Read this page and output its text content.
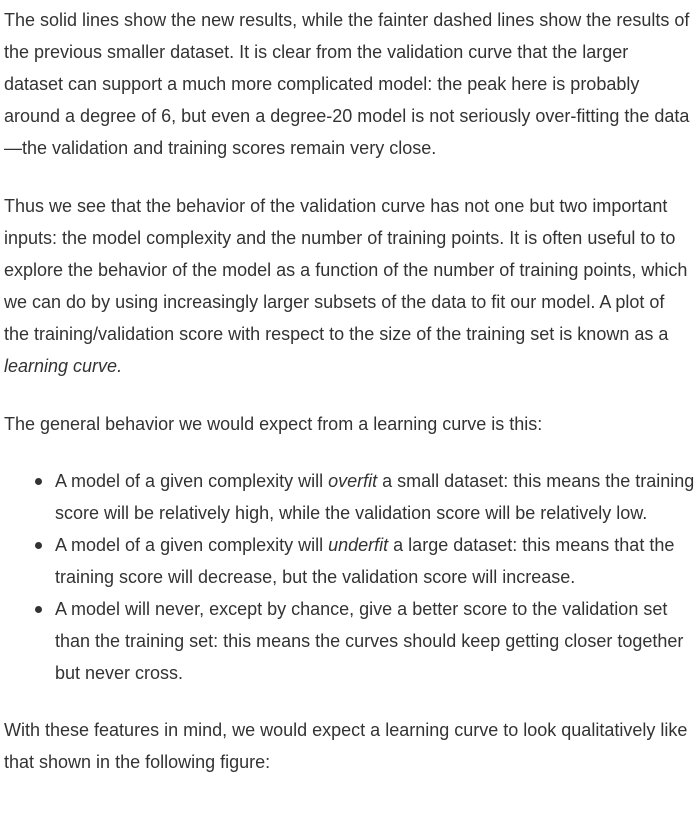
The solid lines show the new results, while the fainter dashed lines show the results of the previous smaller dataset. It is clear from the validation curve that the larger dataset can support a much more complicated model: the peak here is probably around a degree of 6, but even a degree-20 model is not seriously over-fitting the data—the validation and training scores remain very close.

Thus we see that the behavior of the validation curve has not one but two important inputs: the model complexity and the number of training points. It is often useful to to explore the behavior of the model as a function of the number of training points, which we can do by using increasingly larger subsets of the data to fit our model. A plot of the training/validation score with respect to the size of the training set is known as a learning curve.

The general behavior we would expect from a learning curve is this:

A model of a given complexity will overfit a small dataset: this means the training score will be relatively high, while the validation score will be relatively low.
A model of a given complexity will underfit a large dataset: this means that the training score will decrease, but the validation score will increase.
A model will never, except by chance, give a better score to the validation set than the training set: this means the curves should keep getting closer together but never cross.

With these features in mind, we would expect a learning curve to look qualitatively like that shown in the following figure:
